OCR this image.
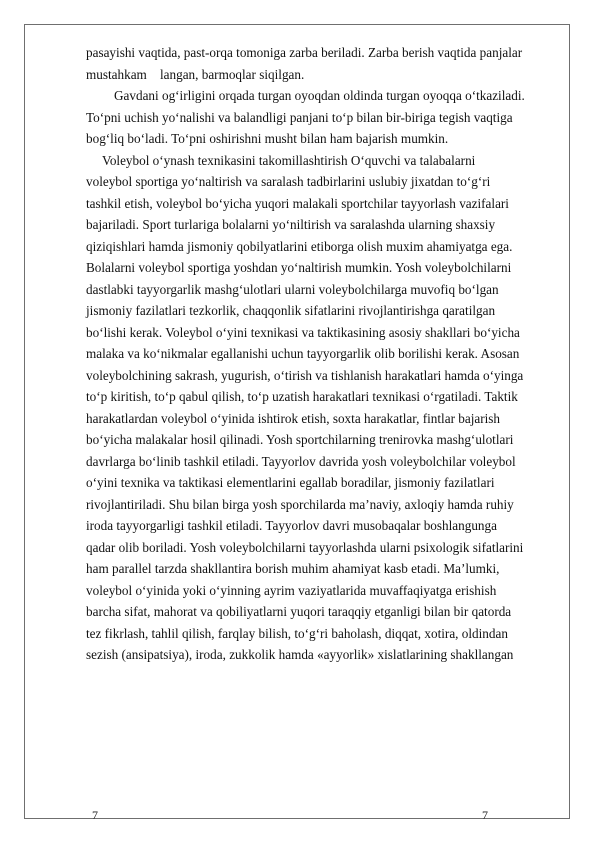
pasayishi vaqtida, past-orqa tomoniga zarba beriladi. Zarba berish vaqtida panjalar
mustahkam    langan, barmoqlar siqilgan.

Gavdani og‘irligini orqada turgan oyoqdan oldinda turgan oyoqqa o‘tkaziladi.
To‘pni uchish yo‘nalishi va balandligi panjani to‘p bilan bir-biriga tegish vaqtiga
bog‘liq bo‘ladi. To‘pni oshirishni musht bilan ham bajarish mumkin.

Voleybol o‘ynash texnikasini takomillashtirish O‘quvchi va talabalarni
voleybol sportiga yo‘naltirish va saralash tadbirlarini uslubiy jixatdan to‘g‘ri
tashkil etish, voleybol bo‘yicha yuqori malakali sportchilar tayyorlash vazifalari
bajariladi. Sport turlariga bolalarni yo‘niltirish va saralashda ularning shaxsiy
qiziqishlari hamda jismoniy qobilyatlarini etiborga olish muxim ahamiyatga ega.
Bolalarni voleybol sportiga yoshdan yo‘naltirish mumkin. Yosh voleybolchilarni
dastlabki tayyorgarlik mashg‘ulotlari ularni voleybolchilarga muvofiq bo‘lgan
jismoniy fazilatlari tezkorlik, chaqqonlik sifatlarini rivojlantirishga qaratilgan
bo‘lishi kerak. Voleybol o‘yini texnikasi va taktikasining asosiy shakllari bo‘yicha
malaka va ko‘nikmalar egallanishi uchun tayyorgarlik olib borilishi kerak. Asosan
voleybolchining sakrash, yugurish, o‘tirish va tishlanish harakatlari hamda o‘yinga
to‘p kiritish, to‘p qabul qilish, to‘p uzatish harakatlari texnikasi o‘rgatiladi. Taktik
harakatlardan voleybol o‘yinida ishtirok etish, soxta harakatlar, fintlar bajarish
bo‘yicha malakalar hosil qilinadi. Yosh sportchilarning trenirovka mashg‘ulotlari
davrlarga bo‘linib tashkil etiladi. Tayyorlov davrida yosh voleybolchilar voleybol
o‘yini texnika va taktikasi elementlarini egallab boradilar, jismoniy fazilatlari
rivojlantiriladi. Shu bilan birga yosh sporchilarda ma’naviy, axloqiy hamda ruhiy
iroda tayyorgarligi tashkil etiladi. Tayyorlov davri musobaqalar boshlangunga
qadar olib boriladi. Yosh voleybolchilarni tayyorlashda ularni psixologik sifatlarini
ham parallel tarzda shakllantira borish muhim ahamiyat kasb etadi. Ma’lumki,
voleybol o‘yinida yoki o‘yinning ayrim vaziyatlarida muvaffaqiyatga erishish
barcha sifat, mahorat va qobiliyatlarni yuqori taraqqiy etganligi bilan bir qatorda
tez fikrlash, tahlil qilish, farqlay bilish, to‘g‘ri baholash, diqqat, xotira, oldindan
sezish (ansipatsiya), iroda, zukkolik hamda «ayyorlik» xislatlarining shakllangan

7	7
